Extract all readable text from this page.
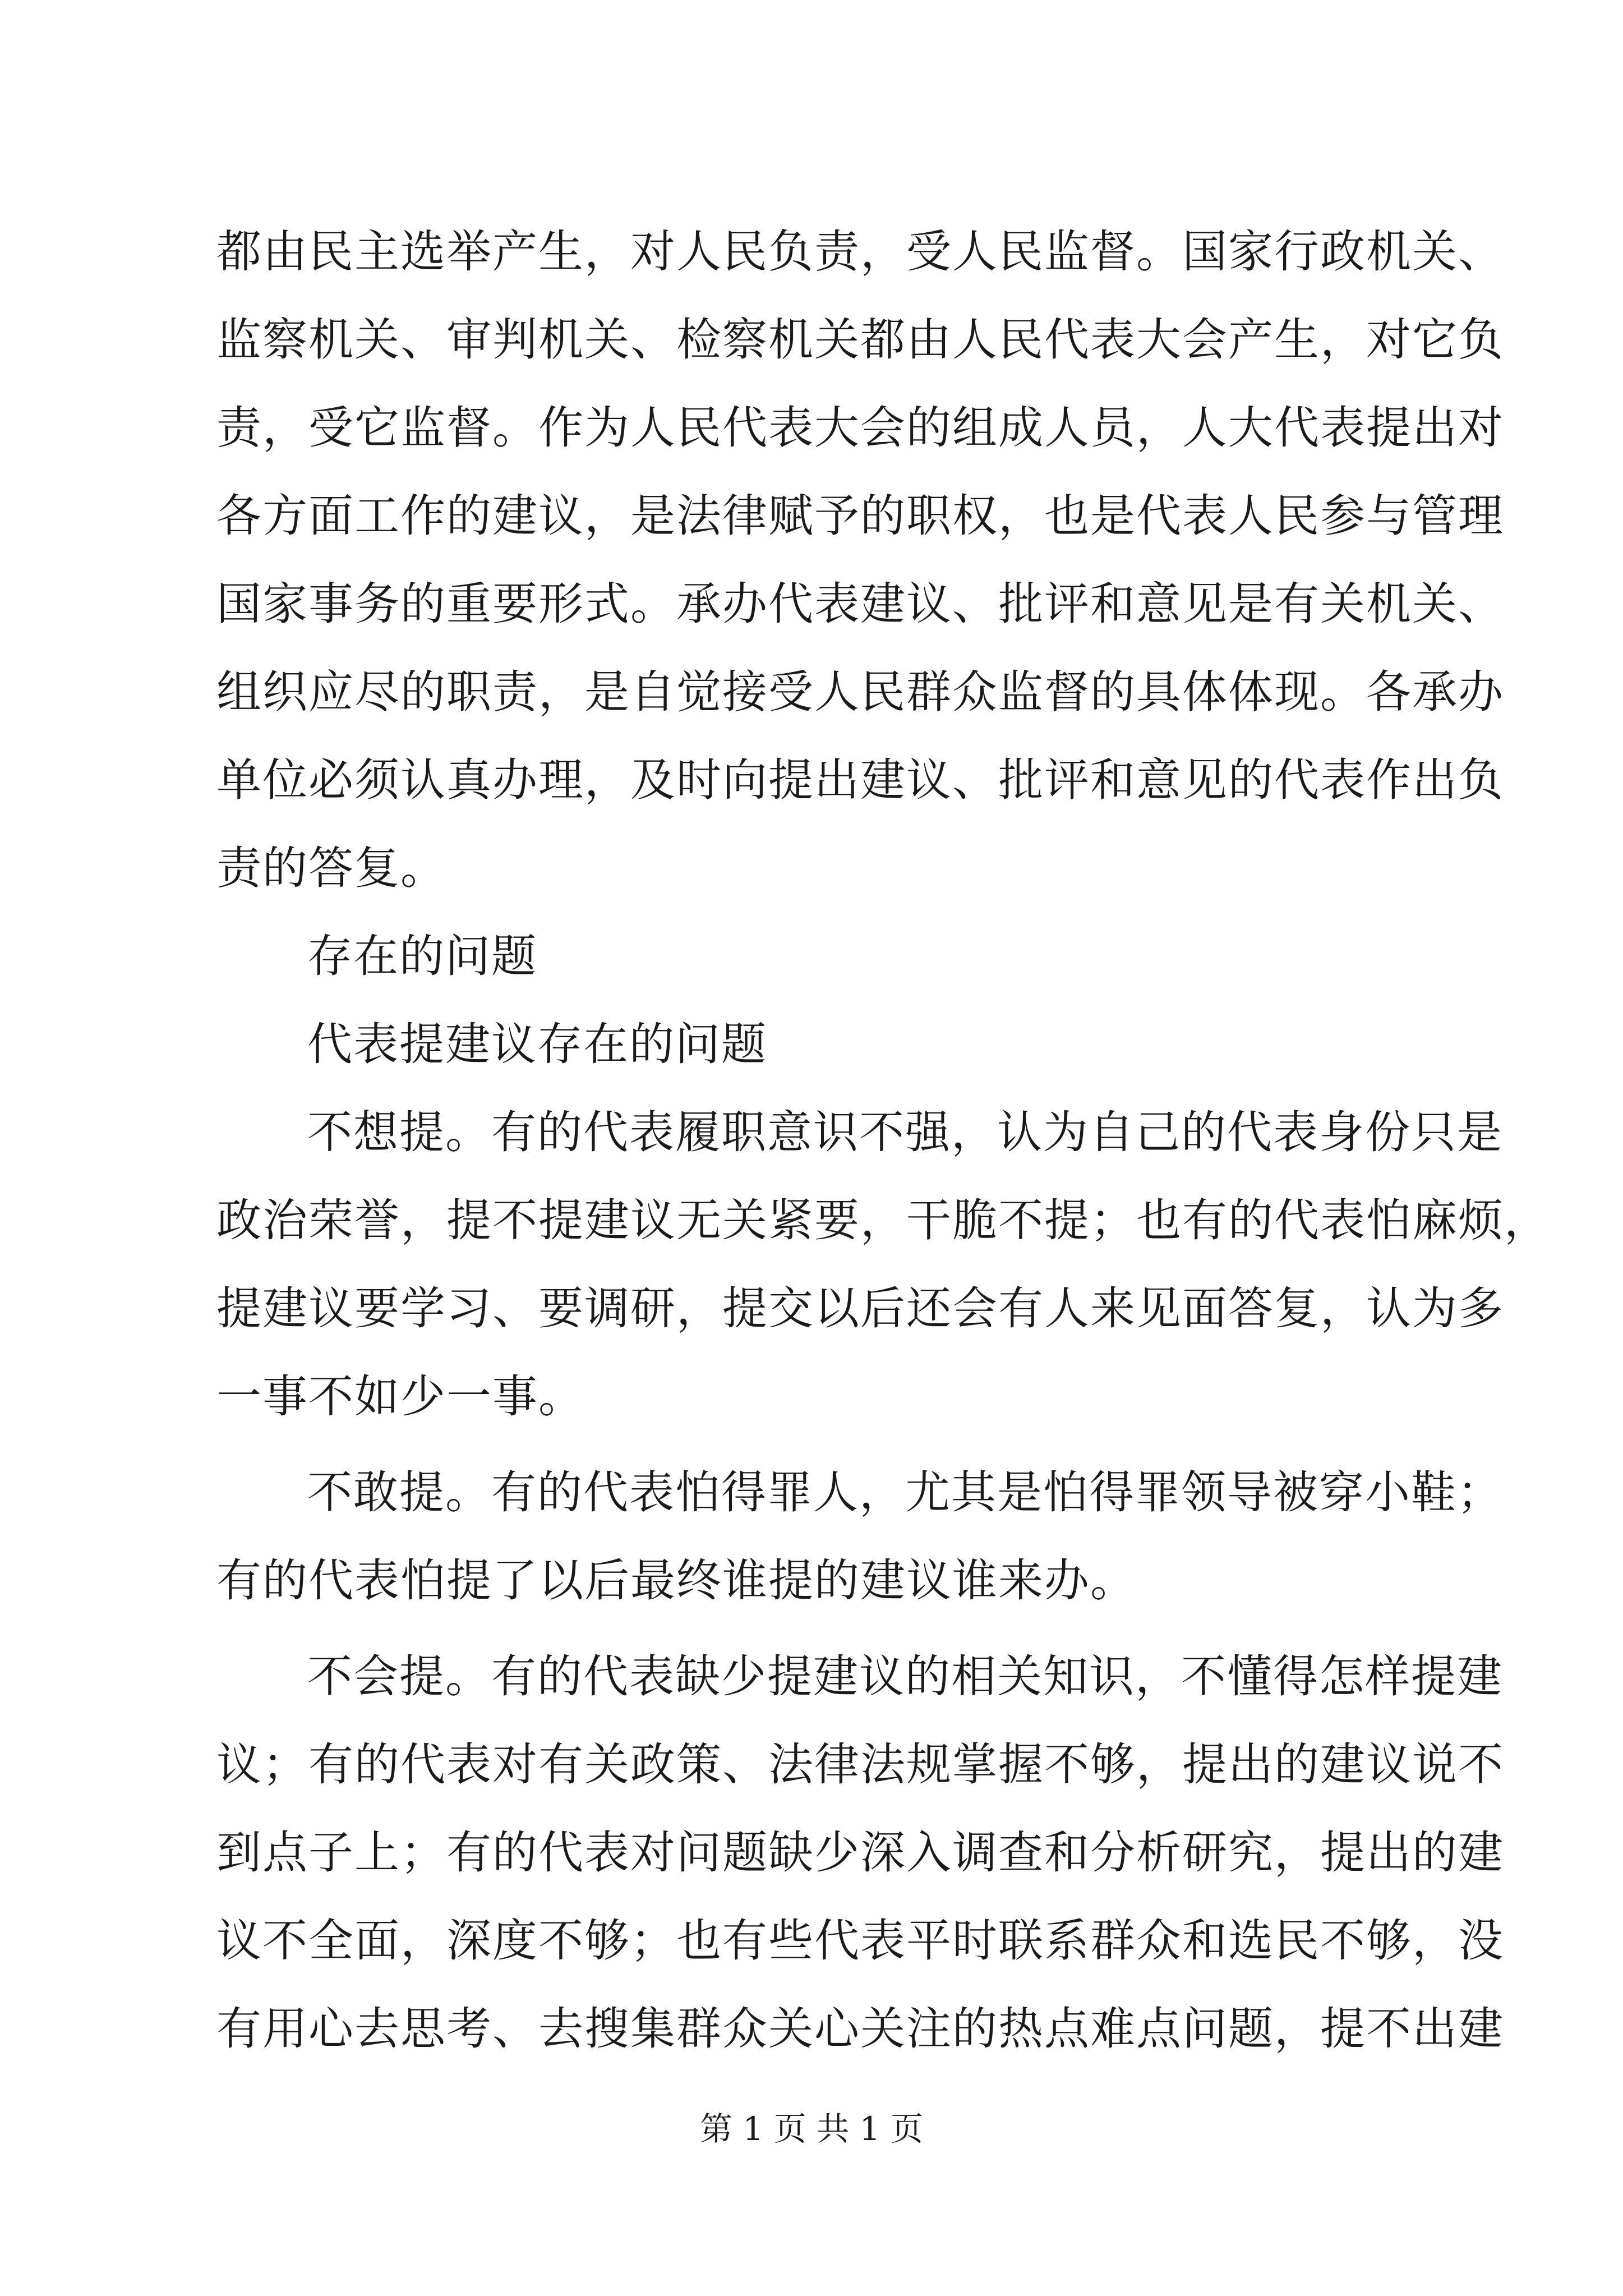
都由民主选举产生，对人民负责，受人民监督。国家行政机关、
监察机关、审判机关、检察机关都由人民代表大会产生，对它负
责，受它监督。作为人民代表大会的组成人员，人大代表提出对
各方面工作的建议，是法律赋予的职权，也是代表人民参与管理
国家事务的重要形式。承办代表建议、批评和意见是有关机关、
组织应尽的职责，是自觉接受人民群众监督的具体体现。各承办
单位必须认真办理，及时向提出建议、批评和意见的代表作出负
责的答复。
存在的问题
代表提建议存在的问题
不想提。有的代表履职意识不强，认为自己的代表身份只是
政治荣誉，提不提建议无关紧要，干脆不提；也有的代表怕麻烦，
提建议要学习、要调研，提交以后还会有人来见面答复，认为多
一事不如少一事。
不敢提。有的代表怕得罪人，尤其是怕得罪领导被穿小鞋；
有的代表怕提了以后最终谁提的建议谁来办。
不会提。有的代表缺少提建议的相关知识，不懂得怎样提建
议；有的代表对有关政策、法律法规掌握不够，提出的建议说不
到点子上；有的代表对问题缺少深入调查和分析研究，提出的建
议不全面，深度不够；也有些代表平时联系群众和选民不够，没
有用心去思考、去搜集群众关心关注的热点难点问题，提不出建
第 1 页 共 1 页
